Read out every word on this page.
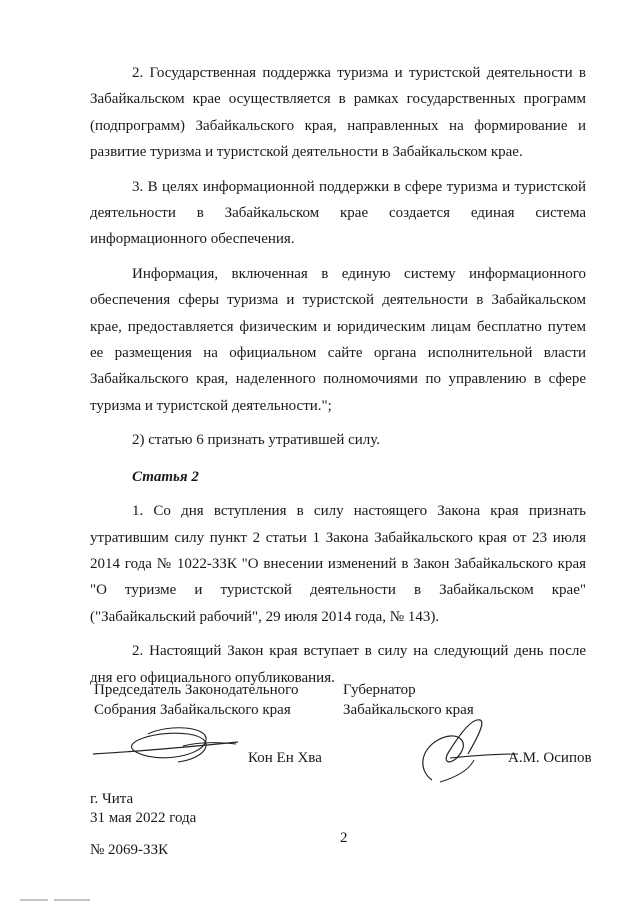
2. Государственная поддержка туризма и туристской деятельности в Забайкальском крае осуществляется в рамках государственных программ (подпрограмм) Забайкальского края, направленных на формирование и развитие туризма и туристской деятельности в Забайкальском крае.

3. В целях информационной поддержки в сфере туризма и туристской деятельности в Забайкальском крае создается единая система информационного обеспечения.

Информация, включенная в единую систему информационного обеспечения сферы туризма и туристской деятельности в Забайкальском крае, предоставляется физическим и юридическим лицам бесплатно путем ее размещения на официальном сайте органа исполнительной власти Забайкальского края, наделенного полномочиями по управлению в сфере туризма и туристской деятельности.";

2) статью 6 признать утратившей силу.

Статья 2

1. Со дня вступления в силу настоящего Закона края признать утратившим силу пункт 2 статьи 1 Закона Забайкальского края от 23 июля 2014 года № 1022-ЗЗК "О внесении изменений в Закон Забайкальского края "О туризме и туристской деятельности в Забайкальском крае" ("Забайкальский рабочий", 29 июля 2014 года, № 143).

2. Настоящий Закон края вступает в силу на следующий день после дня его официального опубликования.

Председатель Законодательного
Собрания Забайкальского края
Губернатор
Забайкальского края
Кон Ен Хва	А.М. Осипов
г. Чита
31 мая 2022 года
2
№ 2069-ЗЗК
